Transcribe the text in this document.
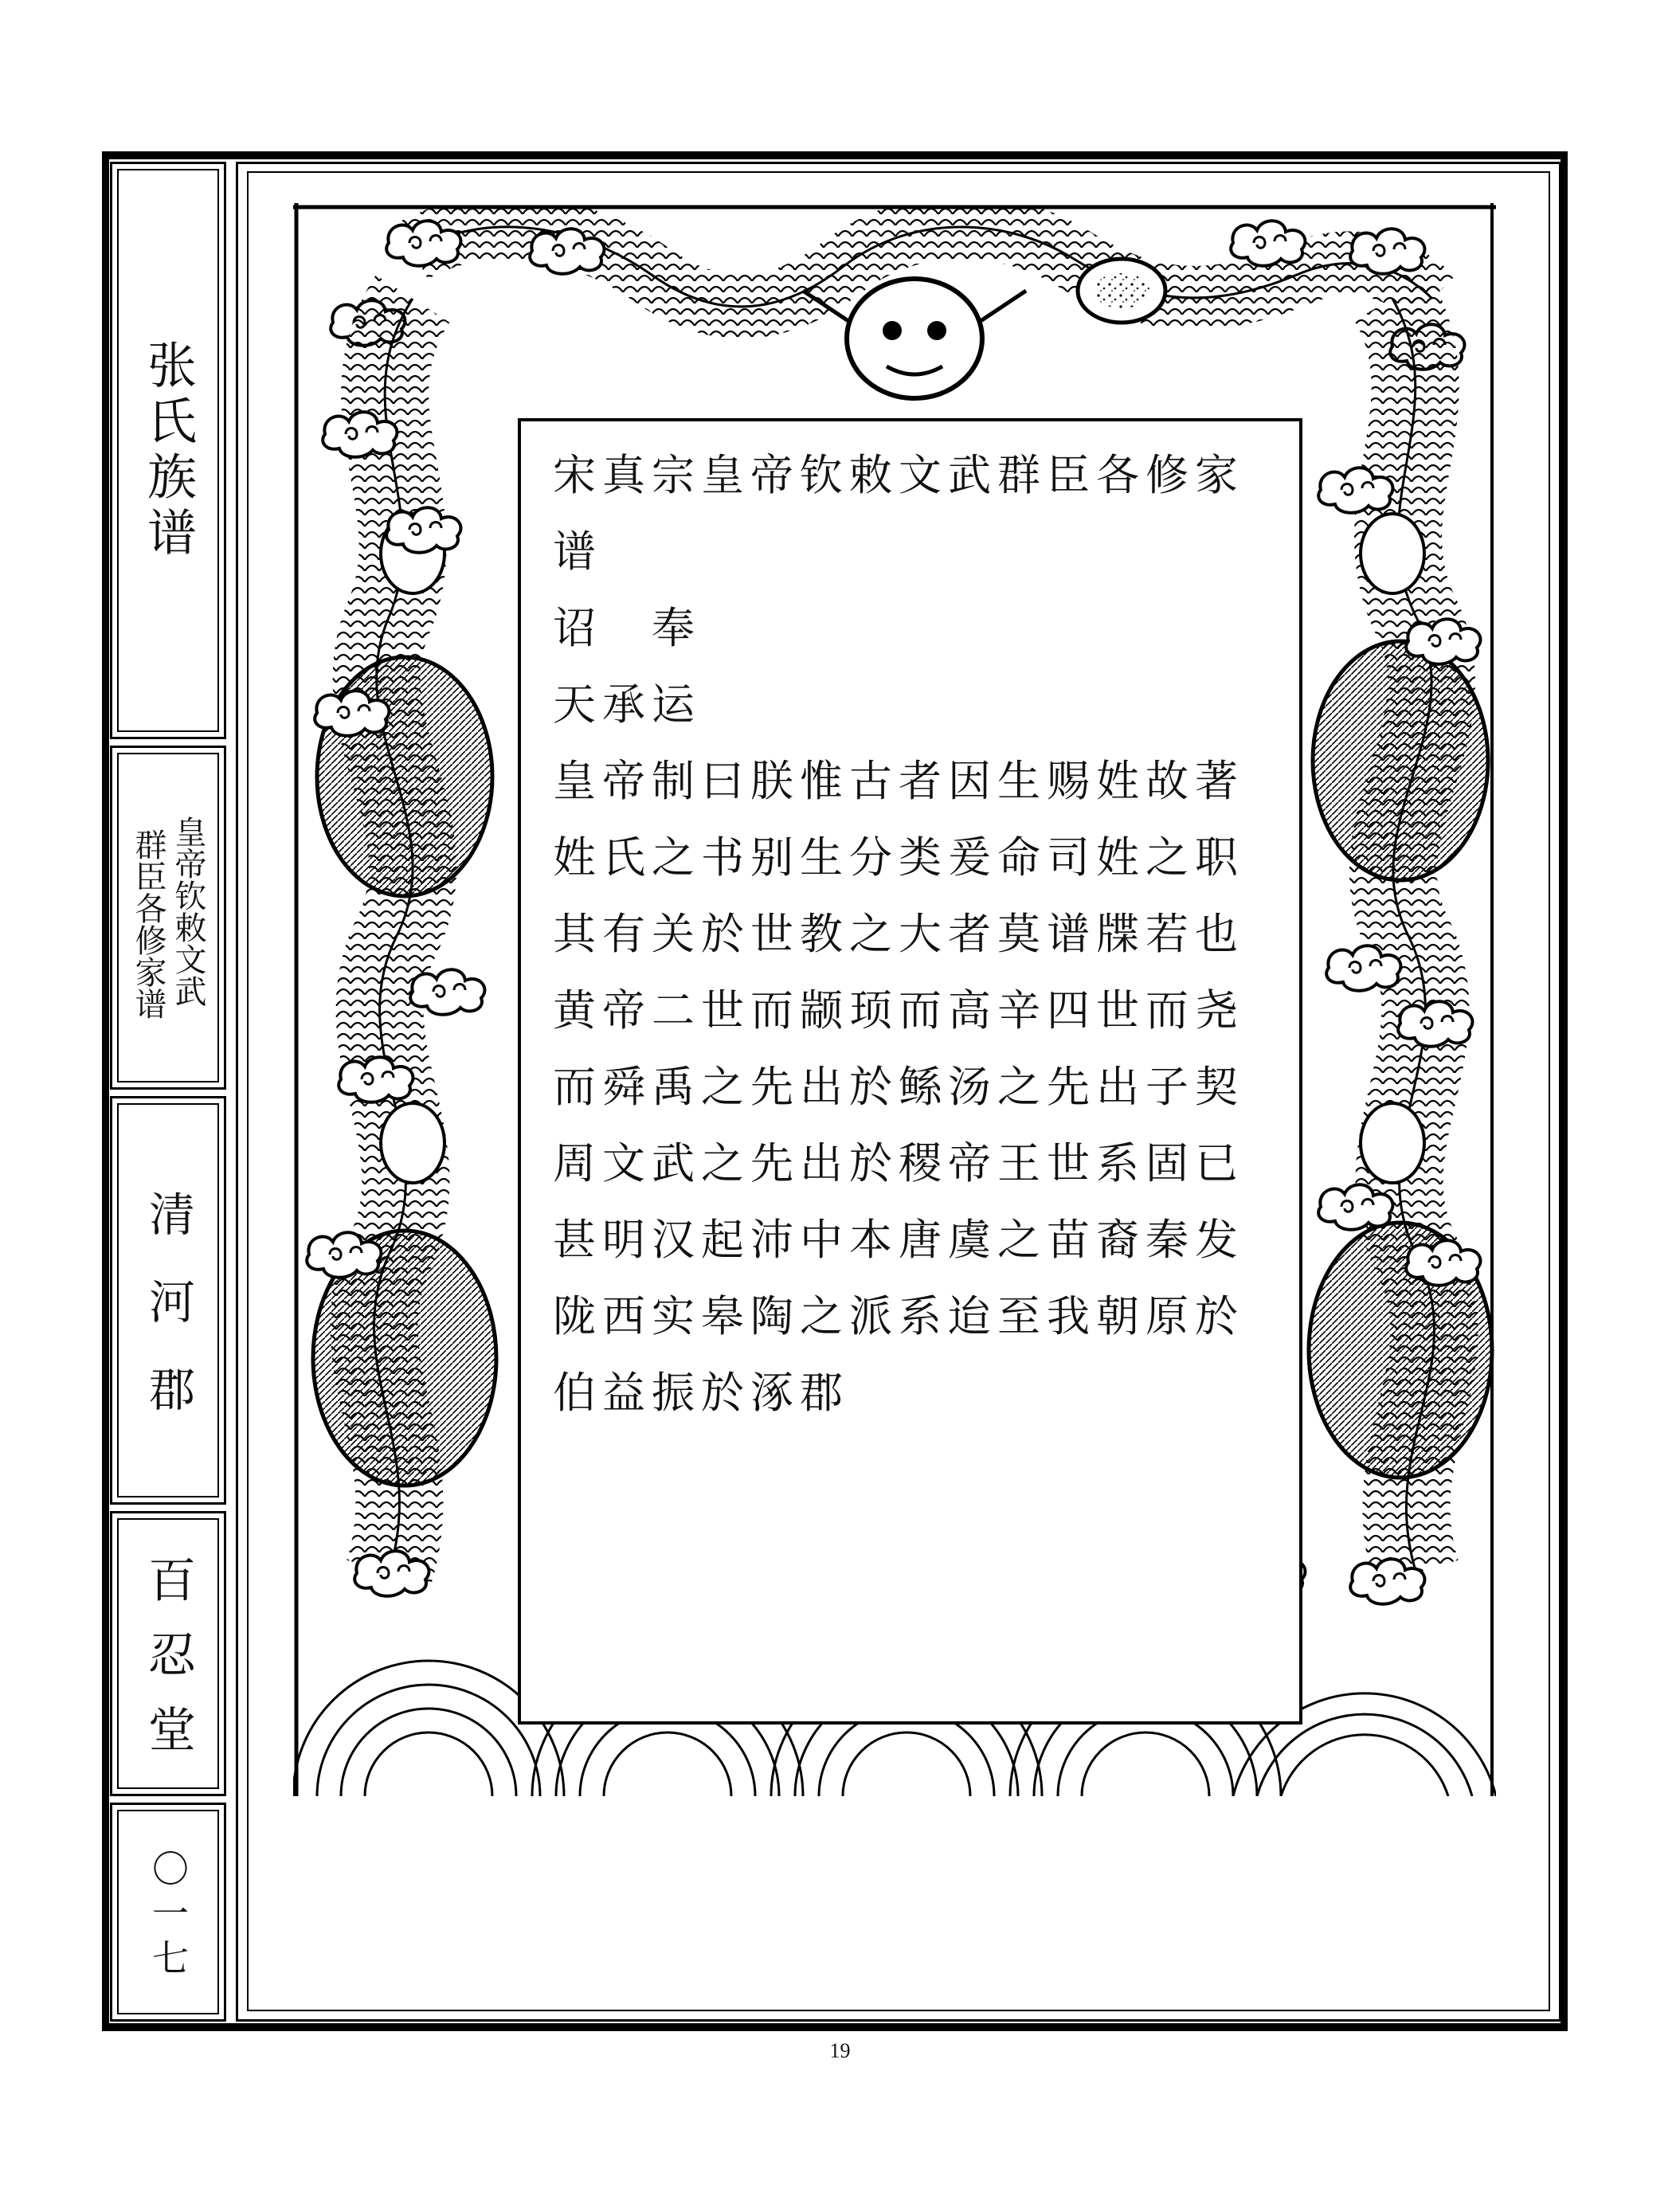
张氏族谱
皇帝钦敕文武
群臣各修家谱
清河郡
百忍堂
〇一七
宋真宗皇帝钦敕文武群臣各修家
谱
诏　奉
天承运
皇帝制曰朕惟古者因生赐姓故著
姓氏之书别生分类爰命司姓之职
其有关於世教之大者莫谱牒若也
黄帝二世而颛顼而高辛四世而尧
而舜禹之先出於鲧汤之先出子契
周文武之先出於稷帝王世系固已
甚明汉起沛中本唐虞之苗裔秦发
陇西实皋陶之派系迨至我朝原於
伯益振於涿郡
19
